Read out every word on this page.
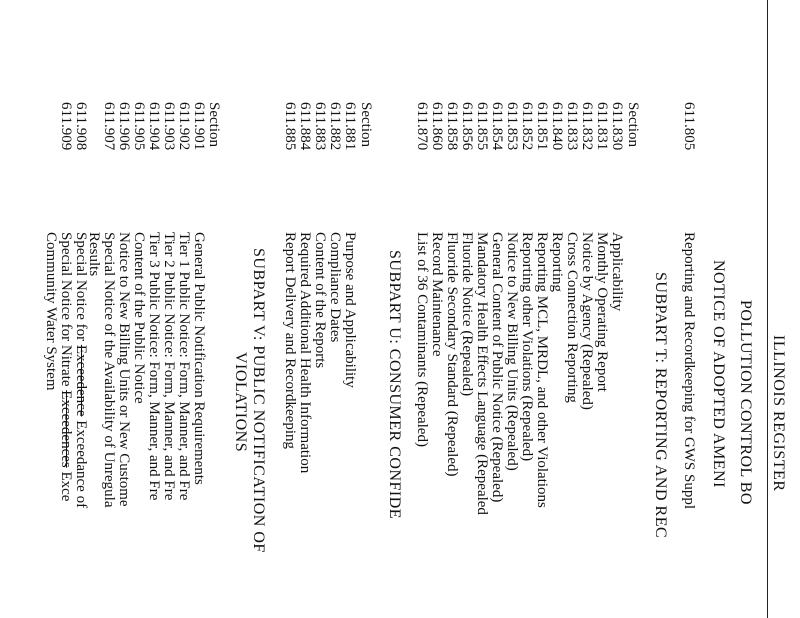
ILLINOIS REGISTER
POLLUTION CONTROL BO
NOTICE OF ADOPTED AMENI
611.805
Reporting and Recordkeeping for GWS Suppl
SUBPART T: REPORTING AND REC
Section
611.830
Applicability
611.831
Monthly Operating Report
611.832
Notice by Agency (Repealed)
611.833
Cross Connection Reporting
611.840
Reporting
611.851
Reporting MCL, MRDL, and other Violations
611.852
Reporting other Violations (Repealed)
611.853
Notice to New Billing Units (Repealed)
611.854
General Content of Public Notice (Repealed)
611.855
Mandatory Health Effects Language (Repealed
611.856
Fluoride Notice (Repealed)
611.858
Fluoride Secondary Standard (Repealed)
611.860
Record Maintenance
611.870
List of 36 Contaminants (Repealed)
SUBPART U: CONSUMER CONFIDE
Section
611.881
Purpose and Applicability
611.882
Compliance Dates
611.883
Content of the Reports
611.884
Required Additional Health Information
611.885
Report Delivery and Recordkeeping
SUBPART V: PUBLIC NOTIFICATION OF
VIOLATIONS
Section
611.901
General Public Notification Requirements
611.902
Tier 1 Public Notice: Form, Manner, and Fre
611.903
Tier 2 Public Notice: Form, Manner, and Fre
611.904
Tier 3 Public Notice: Form, Manner, and Fre
611.905
Content of the Public Notice
611.906
Notice to New Billing Units or New Custome
611.907
Special Notice of the Availability of Unregula
Results
611.908
Special Notice for Exceedence Exceedance of
611.909
Special Notice for Nitrate Exceedences Exce
Community Water System
